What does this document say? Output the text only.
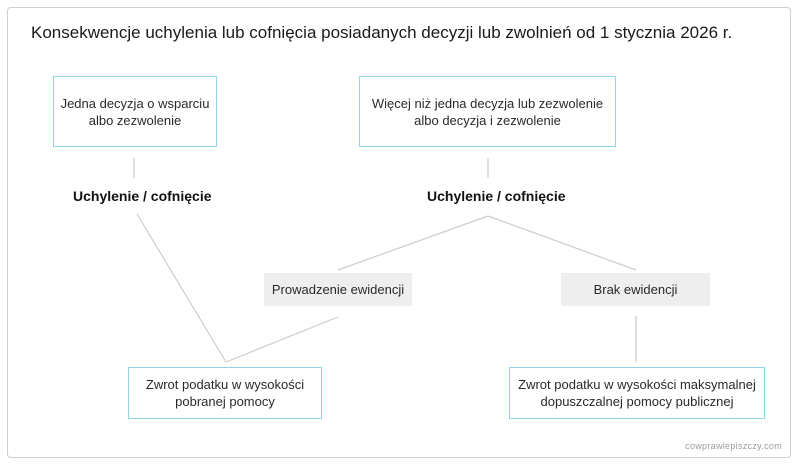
Konsekwencje uchylenia lub cofnięcia posiadanych decyzji lub zwolnień od 1 stycznia 2026 r.
Jedna decyzja o wsparciu
albo zezwolenie
Więcej niż jedna decyzja lub zezwolenie
albo decyzja i zezwolenie
Uchylenie / cofnięcie	Uchylenie / cofnięcie
Prowadzenie ewidencji	Brak ewidencji
Zwrot podatku w wysokości
pobranej pomocy
Zwrot podatku w wysokości maksymalnej
dopuszczalnej pomocy publicznej
cowprawlepiszczy.com
